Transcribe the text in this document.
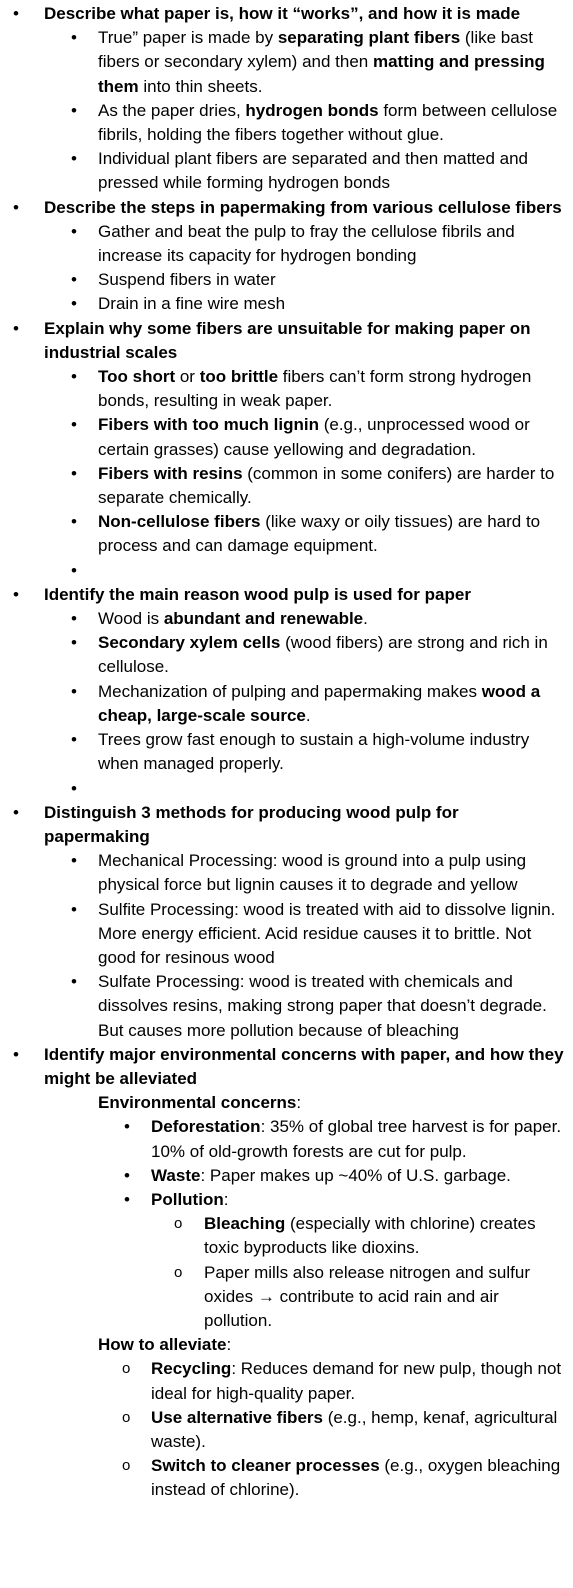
• Describe what paper is, how it “works”, and how it is made
• True” paper is made by separating plant fibers (like bast fibers or secondary xylem) and then matting and pressing them into thin sheets.
• As the paper dries, hydrogen bonds form between cellulose fibrils, holding the fibers together without glue.
• Individual plant fibers are separated and then matted and pressed while forming hydrogen bonds
• Describe the steps in papermaking from various cellulose fibers
• Gather and beat the pulp to fray the cellulose fibrils and increase its capacity for hydrogen bonding
• Suspend fibers in water
• Drain in a fine wire mesh
• Explain why some fibers are unsuitable for making paper on industrial scales
• Too short or too brittle fibers can’t form strong hydrogen bonds, resulting in weak paper.
• Fibers with too much lignin (e.g., unprocessed wood or certain grasses) cause yellowing and degradation.
• Fibers with resins (common in some conifers) are harder to separate chemically.
• Non-cellulose fibers (like waxy or oily tissues) are hard to process and can damage equipment.
•
• Identify the main reason wood pulp is used for paper
• Wood is abundant and renewable.
• Secondary xylem cells (wood fibers) are strong and rich in cellulose.
• Mechanization of pulping and papermaking makes wood a cheap, large-scale source.
• Trees grow fast enough to sustain a high-volume industry when managed properly.
•
• Distinguish 3 methods for producing wood pulp for papermaking
• Mechanical Processing: wood is ground into a pulp using physical force but lignin causes it to degrade and yellow
• Sulfite Processing: wood is treated with aid to dissolve lignin. More energy efficient. Acid residue causes it to brittle. Not good for resinous wood
• Sulfate Processing: wood is treated with chemicals and dissolves resins, making strong paper that doesn’t degrade. But causes more pollution because of bleaching
• Identify major environmental concerns with paper, and how they might be alleviated
Environmental concerns:
• Deforestation: 35% of global tree harvest is for paper. 10% of old-growth forests are cut for pulp.
• Waste: Paper makes up ~40% of U.S. garbage.
• Pollution:
o Bleaching (especially with chlorine) creates toxic byproducts like dioxins.
o Paper mills also release nitrogen and sulfur oxides → contribute to acid rain and air pollution.
How to alleviate:
o Recycling: Reduces demand for new pulp, though not ideal for high-quality paper.
o Use alternative fibers (e.g., hemp, kenaf, agricultural waste).
o Switch to cleaner processes (e.g., oxygen bleaching instead of chlorine).
